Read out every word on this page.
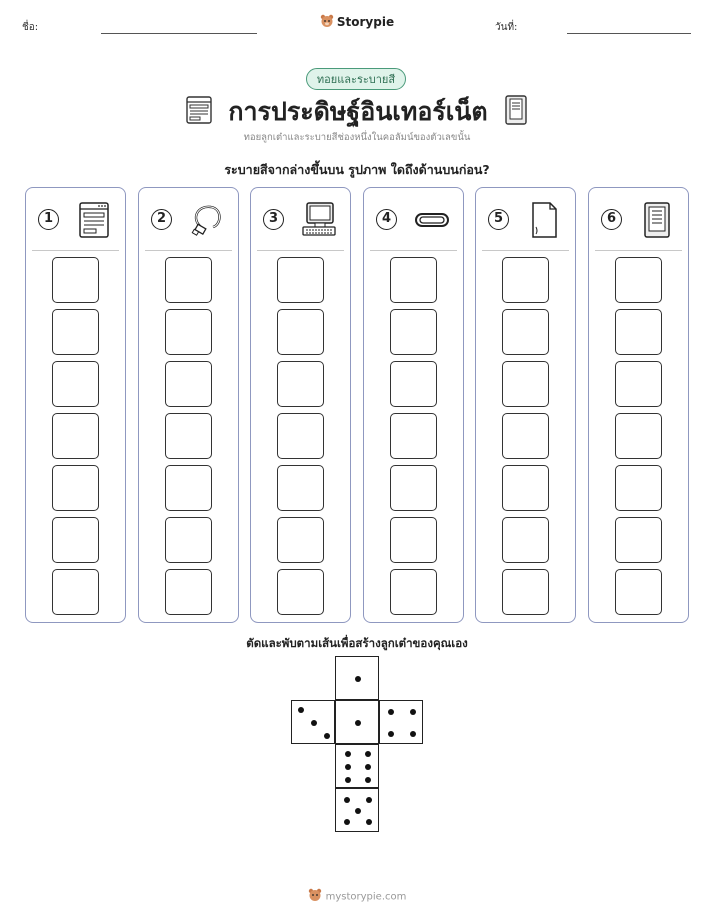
ชื่อ:	Storypie	วันที่:
ทอยและระบายสี
การประดิษฐ์อินเทอร์เน็ต
ทอยลูกเต๋าและระบายสีช่องหนึ่งในคอลัมน์ของตัวเลขนั้น
ระบายสีจากล่างขึ้นบน รูปภาพ ใดถึงด้านบนก่อน?
1	2	3	4	5	6
ตัดและพับตามเส้นเพื่อสร้างลูกเต๋าของคุณเอง
mystorypie.com
